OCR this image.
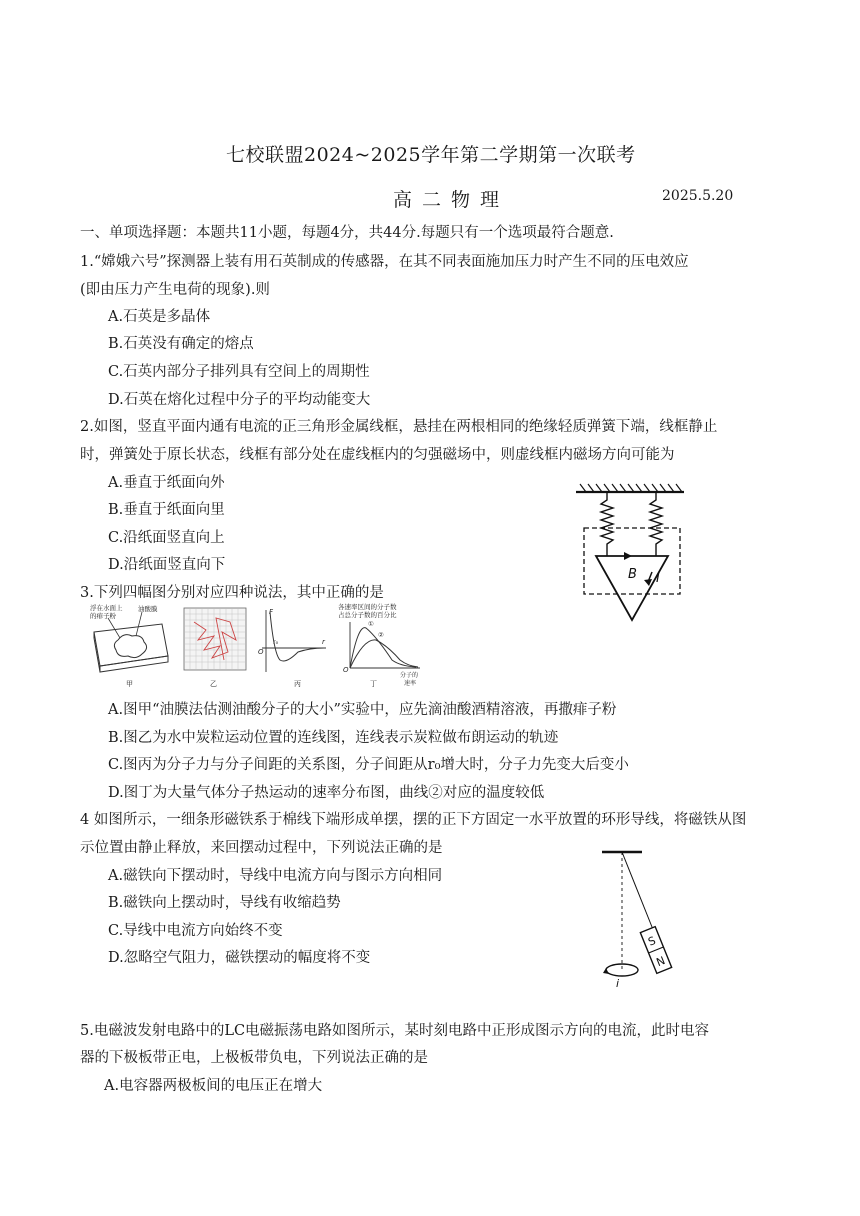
七校联盟2024~2025学年第二学期第一次联考
高二物理	2025.5.20
一、单项选择题：本题共11小题，每题4分，共44分.每题只有一个选项最符合题意.
1.“嫦娥六号”探测器上装有用石英制成的传感器，在其不同表面施加压力时产生不同的压电效应
(即由压力产生电荷的现象).则
A.石英是多晶体
B.石英没有确定的熔点
C.石英内部分子排列具有空间上的周期性
D.石英在熔化过程中分子的平均动能变大
2.如图，竖直平面内通有电流的正三角形金属线框，悬挂在两根相同的绝缘轻质弹簧下端，线框静止
时，弹簧处于原长状态，线框有部分处在虚线框内的匀强磁场中，则虚线框内磁场方向可能为
A.垂直于纸面向外
B.垂直于纸面向里
C.沿纸面竖直向上
D.沿纸面竖直向下
B I
3.下列四幅图分别对应四种说法，其中正确的是
浮在水面上
的痱子粉
油酸膜
甲	乙
F
r₀
O
r
丙
各速率区间的分子数
占总分子数的百分比
①
②
O
分子的
速率
丁
A.图甲“油膜法估测油酸分子的大小”实验中，应先滴油酸酒精溶液，再撒痱子粉
B.图乙为水中炭粒运动位置的连线图，连线表示炭粒做布朗运动的轨迹
C.图丙为分子力与分子间距的关系图，分子间距从r₀增大时，分子力先变大后变小
D.图丁为大量气体分子热运动的速率分布图，曲线②对应的温度较低
4 如图所示，一细条形磁铁系于棉线下端形成单摆，摆的正下方固定一水平放置的环形导线，将磁铁从图
示位置由静止释放，来回摆动过程中，下列说法正确的是
A.磁铁向下摆动时，导线中电流方向与图示方向相同
B.磁铁向上摆动时，导线有收缩趋势
C.导线中电流方向始终不变
D.忽略空气阻力，磁铁摆动的幅度将不变
S
N
i
5.电磁波发射电路中的LC电磁振荡电路如图所示，某时刻电路中正形成图示方向的电流，此时电容
器的下极板带正电，上极板带负电，下列说法正确的是
A.电容器两极板间的电压正在增大
